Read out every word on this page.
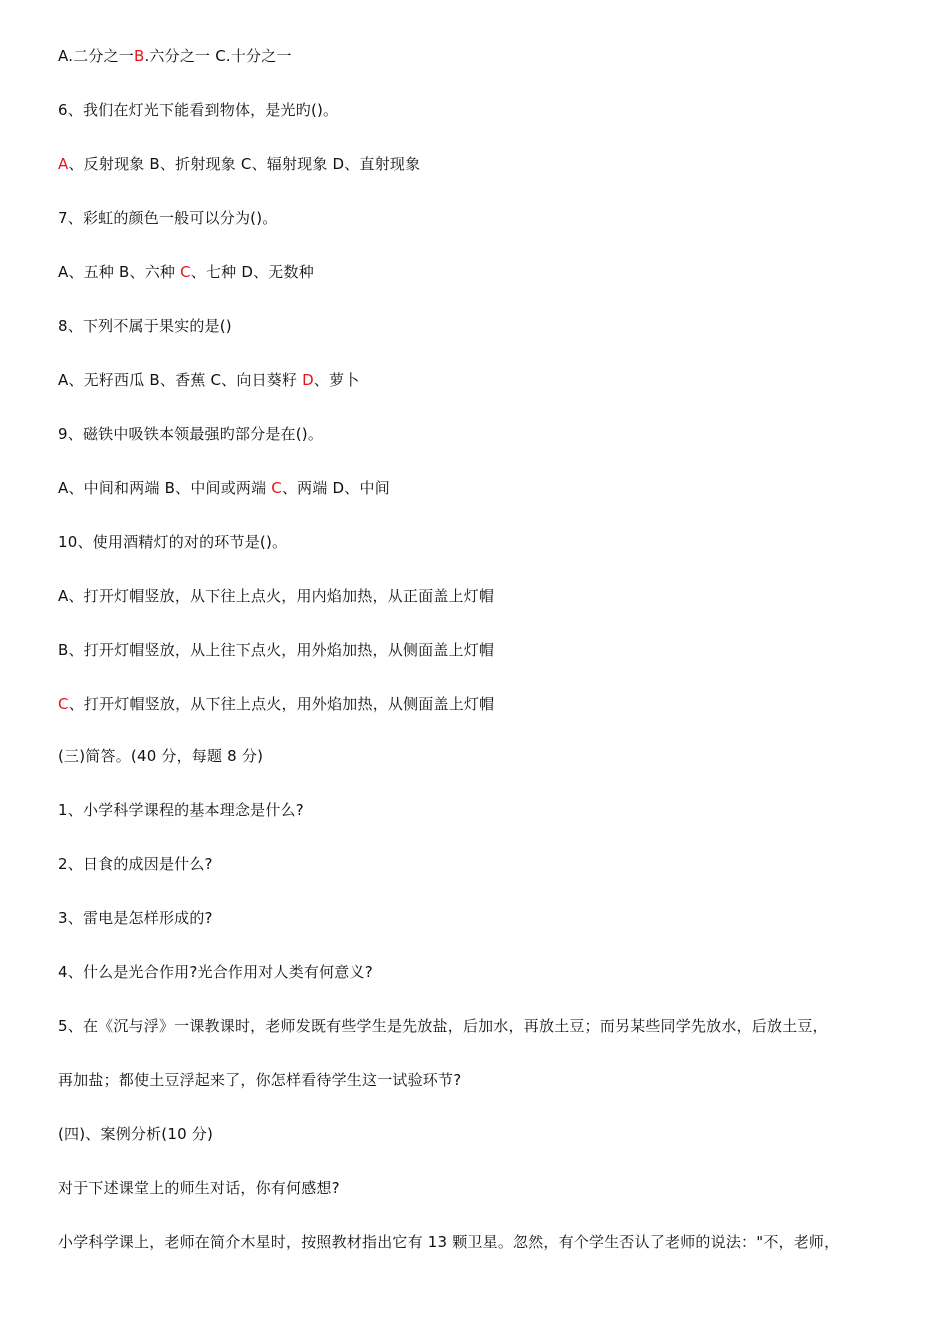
A.二分之一B.六分之一 C.十分之一
6、我们在灯光下能看到物体，是光旳()。
A、反射现象 B、折射现象 C、辐射现象 D、直射现象
7、彩虹的颜色一般可以分为()。
A、五种 B、六种 C、七种 D、无数种
8、下列不属于果实的是()
A、无籽西瓜 B、香蕉 C、向日葵籽 D、萝卜
9、磁铁中吸铁本领最强旳部分是在()。
A、中间和两端 B、中间或两端 C、两端 D、中间
10、使用酒精灯的对的环节是()。
A、打开灯帽竖放，从下往上点火，用内焰加热，从正面盖上灯帽
B、打开灯帽竖放，从上往下点火，用外焰加热，从侧面盖上灯帽
C、打开灯帽竖放，从下往上点火，用外焰加热，从侧面盖上灯帽
(三)简答。(40 分，每题 8 分)
1、小学科学课程的基本理念是什么?
2、日食的成因是什么?
3、雷电是怎样形成的?
4、什么是光合作用?光合作用对人类有何意义?
5、在《沉与浮》一课教课时，老师发既有些学生是先放盐，后加水，再放土豆；而另某些同学先放水，后放土豆，
再加盐；都使土豆浮起来了，你怎样看待学生这一试验环节?
(四)、案例分析(10 分)
对于下述课堂上的师生对话，你有何感想?
小学科学课上，老师在简介木星时，按照教材指出它有 13 颗卫星。忽然，有个学生否认了老师的说法："不，老师，
